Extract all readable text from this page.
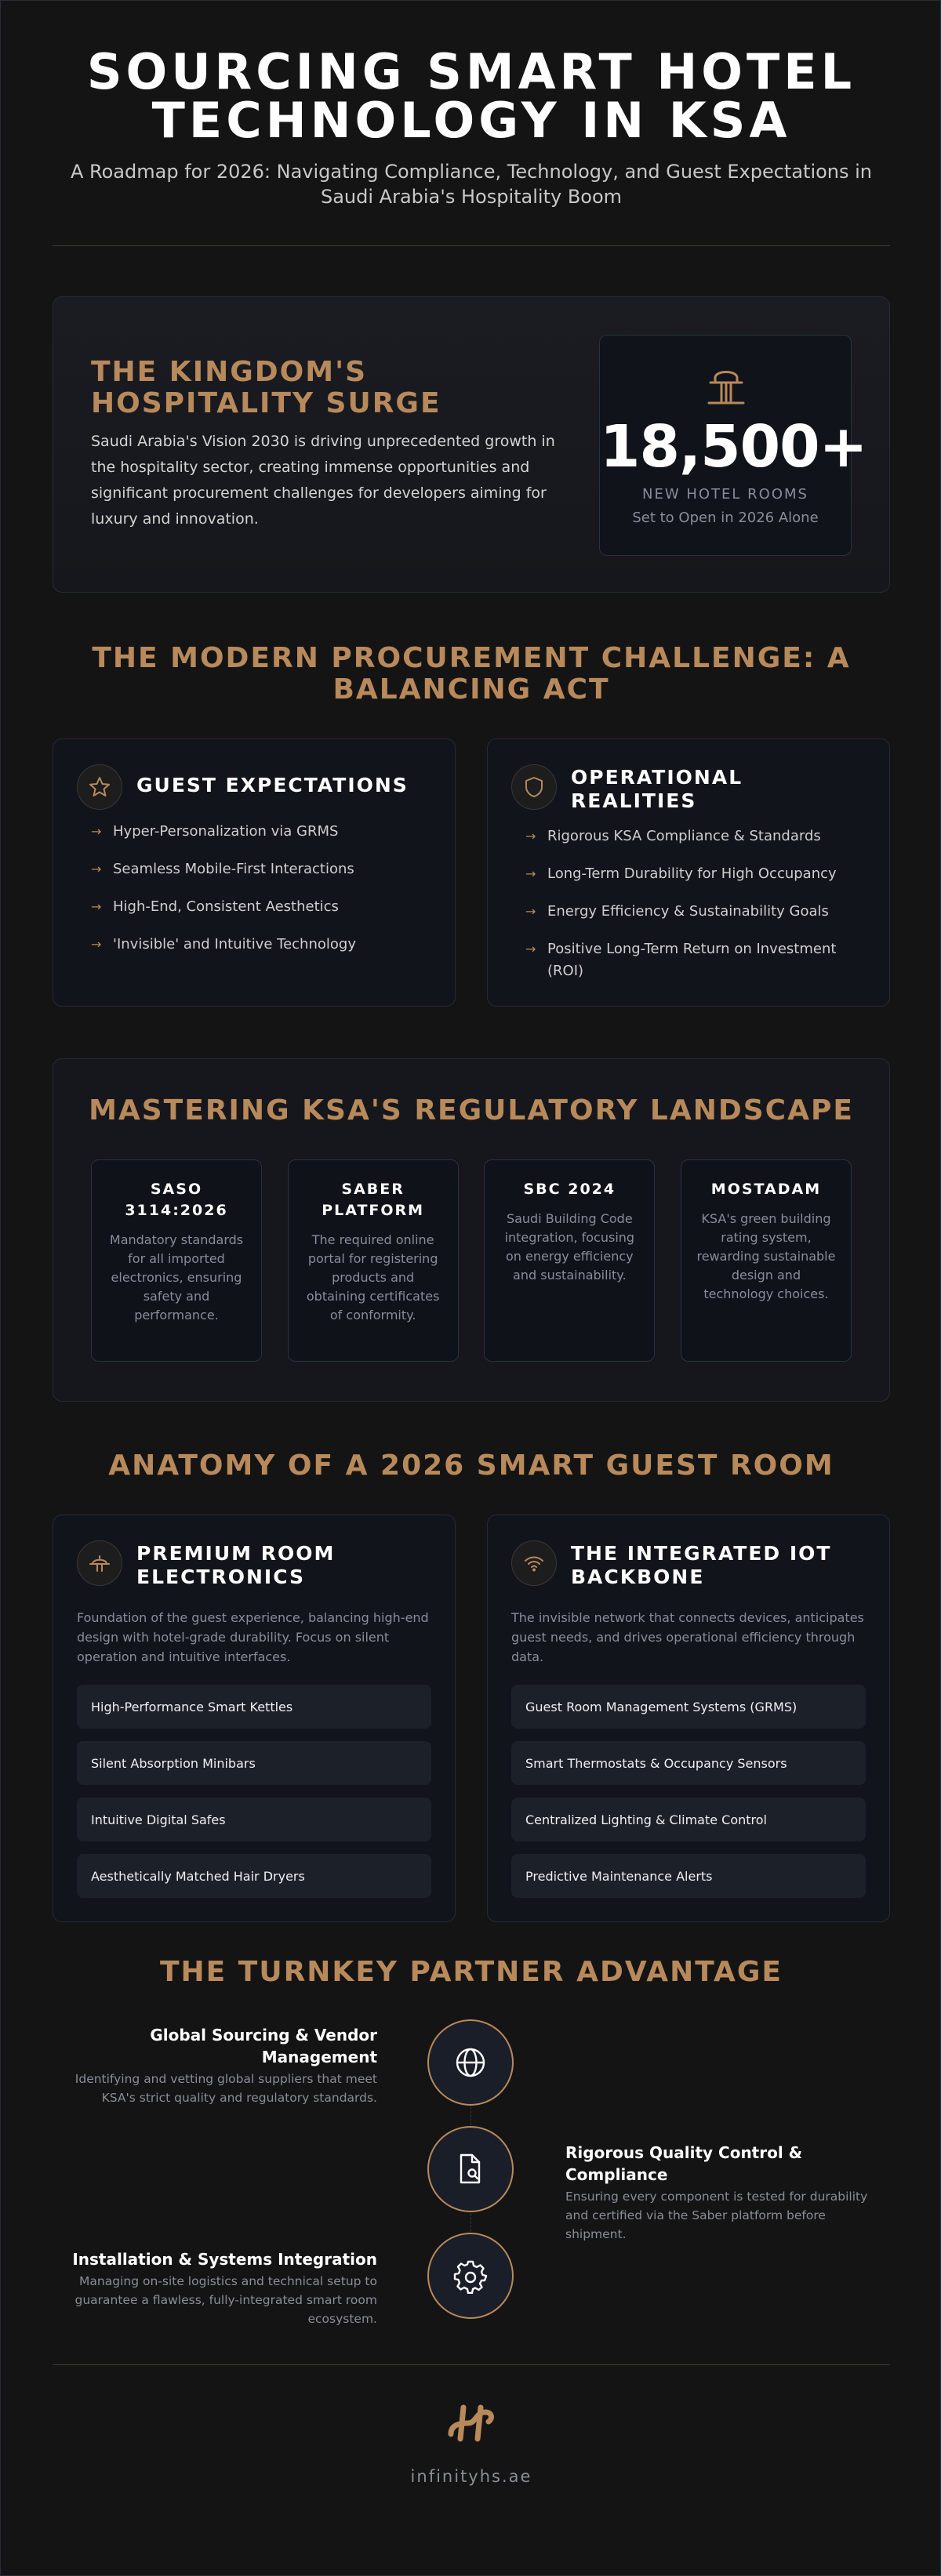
SOURCING SMART HOTEL
TECHNOLOGY IN KSA

A Roadmap for 2026: Navigating Compliance, Technology, and Guest Expectations in Saudi Arabia's Hospitality Boom

THE KINGDOM'S HOSPITALITY SURGE

Saudi Arabia's Vision 2030 is driving unprecedented growth in the hospitality sector, creating immense opportunities and significant procurement challenges for developers aiming for luxury and innovation.

18,500+
NEW HOTEL ROOMS
Set to Open in 2026 Alone
THE MODERN PROCUREMENT CHALLENGE: A BALANCING ACT
GUEST EXPECTATIONS
→ Hyper-Personalization via GRMS
→ Seamless Mobile-First Interactions
→ High-End, Consistent Aesthetics
→ 'Invisible' and Intuitive Technology
OPERATIONAL REALITIES
→ Rigorous KSA Compliance & Standards
→ Long-Term Durability for High Occupancy
→ Energy Efficiency & Sustainability Goals
→ Positive Long-Term Return on Investment (ROI)
MASTERING KSA'S REGULATORY LANDSCAPE
SASO 3114:2026
Mandatory standards for all imported electronics, ensuring safety and performance.
SABER PLATFORM
The required online portal for registering products and obtaining certificates of conformity.
SBC 2024
Saudi Building Code integration, focusing on energy efficiency and sustainability.
MOSTADAM
KSA's green building rating system, rewarding sustainable design and technology choices.
ANATOMY OF A 2026 SMART GUEST ROOM
PREMIUM ROOM ELECTRONICS

Foundation of the guest experience, balancing high-end design with hotel-grade durability. Focus on silent operation and intuitive interfaces.

High-Performance Smart Kettles
Silent Absorption Minibars
Intuitive Digital Safes
Aesthetically Matched Hair Dryers
THE INTEGRATED IOT BACKBONE

The invisible network that connects devices, anticipates guest needs, and drives operational efficiency through data.

Guest Room Management Systems (GRMS)
Smart Thermostats & Occupancy Sensors
Centralized Lighting & Climate Control
Predictive Maintenance Alerts
THE TURNKEY PARTNER ADVANTAGE
Global Sourcing & Vendor Management
Identifying and vetting global suppliers that meet KSA's strict quality and regulatory standards.
Rigorous Quality Control & Compliance
Ensuring every component is tested for durability and certified via the Saber platform before shipment.
Installation & Systems Integration
Managing on-site logistics and technical setup to guarantee a flawless, fully-integrated smart room ecosystem.
infinityhs.ae
